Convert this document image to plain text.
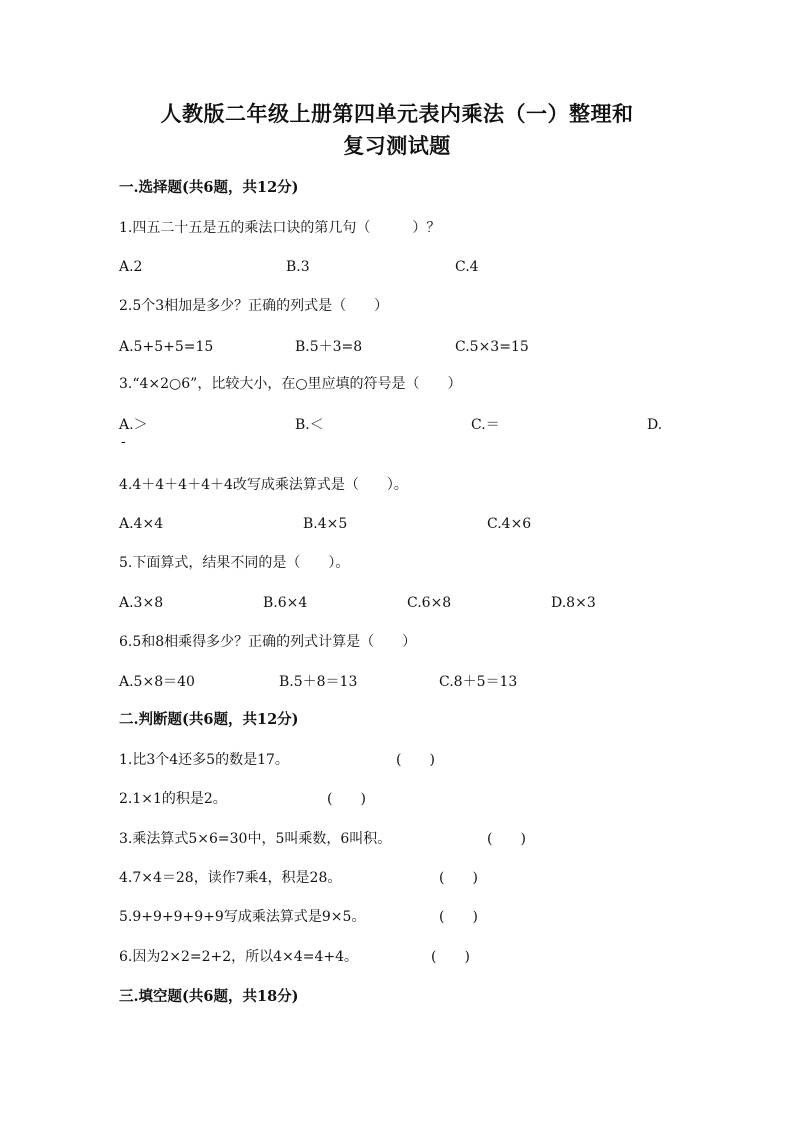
人教版二年级上册第四单元表内乘法（一）整理和
复习测试题
一.选择题(共6题，共12分)
1.四五二十五是五的乘法口诀的第几句（　　　）？
A.2	B.3	C.4
2.5个3相加是多少？正确的列式是（　　）
A.5+5+5=15	B.5＋3=8	C.5×3=15
3.“4×2○6”，比较大小，在○里应填的符号是（　　）
A.＞	B.＜	C.＝	D.
-
4.4＋4＋4＋4＋4改写成乘法算式是（　　）。
A.4×4	B.4×5	C.4×6
5.下面算式，结果不同的是（　　）。
A.3×8	B.6×4	C.6×8	D.8×3
6.5和8相乘得多少？正确的列式计算是（　　）
A.5×8＝40	B.5＋8＝13	C.8＋5＝13
二.判断题(共6题，共12分)
1.比3个4还多5的数是17。	(　　)
2.1×1的积是2。	(　　)
3.乘法算式5×6=30中，5叫乘数，6叫积。	(　　)
4.7×4＝28，读作7乘4，积是28。	(　　)
5.9+9+9+9+9写成乘法算式是9×5。	(　　)
6.因为2×2=2+2，所以4×4=4+4。	(　　)
三.填空题(共6题，共18分)
